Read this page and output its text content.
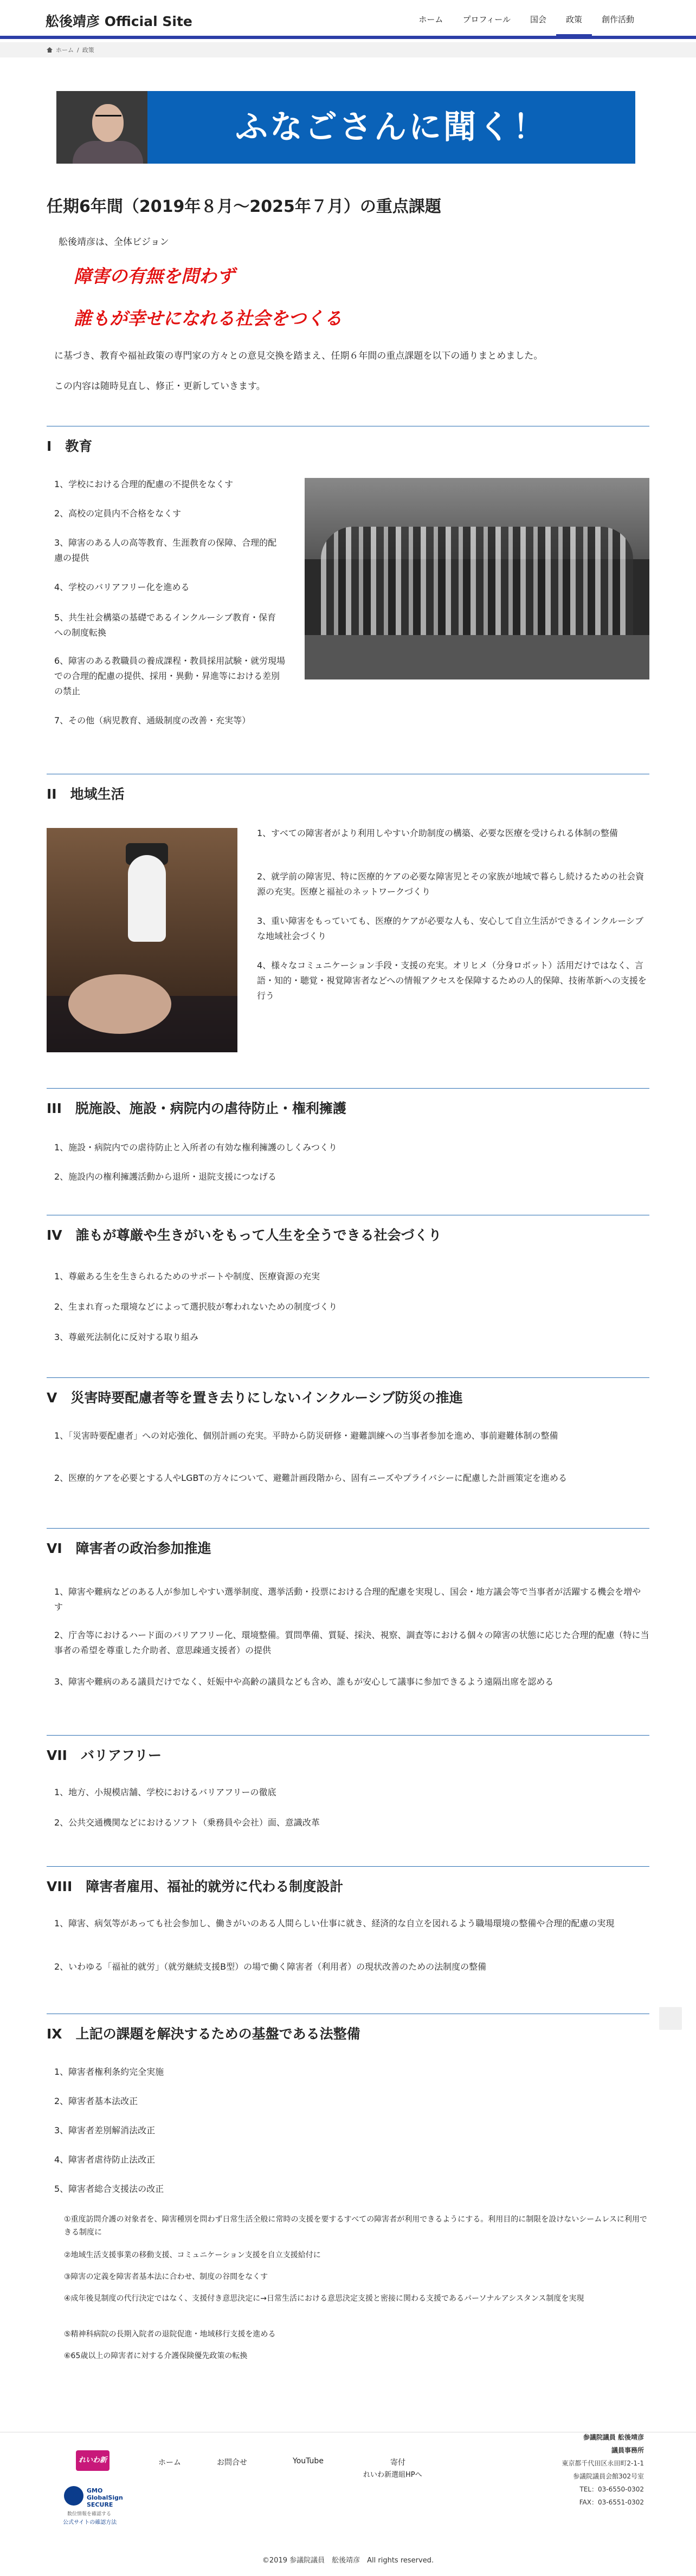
舩後靖彦 Official Site	ホーム	プロフィール	国会	政策	創作活動
ホーム / 政策
ふなごさんに聞く！
任期6年間（2019年８月〜2025年７月）の重点課題
舩後靖彦は、全体ビジョン
障害の有無を問わず
誰もが幸せになれる社会をつくる
に基づき、教育や福祉政策の専門家の方々との意見交換を踏まえ、任期６年間の重点課題を以下の通りまとめました。
この内容は随時見直し、修正・更新していきます。
I　教育
1、学校における合理的配慮の不提供をなくす
2、高校の定員内不合格をなくす
3、障害のある人の高等教育、生涯教育の保障、合理的配慮の提供
4、学校のバリアフリー化を進める
5、共生社会構築の基礎であるインクルーシブ教育・保育への制度転換
6、障害のある教職員の養成課程・教員採用試験・就労現場での合理的配慮の提供、採用・異動・昇進等における差別の禁止
7、その他（病児教育、通級制度の改善・充実等）
II　地域生活
1、すべての障害者がより利用しやすい介助制度の構築、必要な医療を受けられる体制の整備
2、就学前の障害児、特に医療的ケアの必要な障害児とその家族が地域で暮らし続けるための社会資源の充実。医療と福祉のネットワークづくり
3、重い障害をもっていても、医療的ケアが必要な人も、安心して自立生活ができるインクルーシブな地域社会づくり
4、様々なコミュニケーション手段・支援の充実。オリヒメ（分身ロボット）活用だけではなく、言語・知的・聴覚・視覚障害者などへの情報アクセスを保障するための人的保障、技術革新への支援を行う
III　脱施設、施設・病院内の虐待防止・権利擁護
1、施設・病院内での虐待防止と入所者の有効な権利擁護のしくみつくり
2、施設内の権利擁護活動から退所・退院支援につなげる
IV　誰もが尊厳や生きがいをもって人生を全うできる社会づくり
1、尊厳ある生を生きられるためのサポートや制度、医療資源の充実
2、生まれ育った環境などによって選択肢が奪われないための制度づくり
3、尊厳死法制化に反対する取り組み
V　災害時要配慮者等を置き去りにしないインクルーシブ防災の推進
1、「災害時要配慮者」への対応強化、個別計画の充実。平時から防災研修・避難訓練への当事者参加を進め、事前避難体制の整備
2、医療的ケアを必要とする人やLGBTの方々について、避難計画段階から、固有ニーズやプライバシーに配慮した計画策定を進める
VI　障害者の政治参加推進
1、障害や難病などのある人が参加しやすい選挙制度、選挙活動・投票における合理的配慮を実現し、国会・地方議会等で当事者が活躍する機会を増やす
2、庁舎等におけるハード面のバリアフリー化、環境整備。質問準備、質疑、採決、視察、調査等における個々の障害の状態に応じた合理的配慮（特に当事者の希望を尊重した介助者、意思疎通支援者）の提供
3、障害や難病のある議員だけでなく、妊娠中や高齢の議員なども含め、誰もが安心して議事に参加できるよう遠隔出席を認める
VII　バリアフリー
1、地方、小規模店舗、学校におけるバリアフリーの徹底
2、公共交通機関などにおけるソフト（乗務員や会社）面、意識改革
VIII　障害者雇用、福祉的就労に代わる制度設計
1、障害、病気等があっても社会参加し、働きがいのある人間らしい仕事に就き、経済的な自立を図れるよう職場環境の整備や合理的配慮の実現
2、いわゆる「福祉的就労」（就労継続支援B型）の場で働く障害者（利用者）の現状改善のための法制度の整備
IX　上記の課題を解決するための基盤である法整備
1、障害者権利条約完全実施
2、障害者基本法改正
3、障害者差別解消法改正
4、障害者虐待防止法改正
5、障害者総合支援法の改正
①重度訪問介護の対象者を、障害種別を問わず日常生活全般に常時の支援を要するすべての障害者が利用できるようにする。利用目的に制限を設けないシームレスに利用できる制度に
②地域生活支援事業の移動支援、コミュニケーション支援を自立支援給付に
③障害の定義を障害者基本法に合わせ、制度の谷間をなくす
④成年後見制度の代行決定ではなく、支援付き意思決定に→日常生活における意思決定支援と密接に関わる支援であるパーソナルアシスタンス制度を実現
⑤精神科病院の長期入院者の退院促進・地域移行支援を進める
⑥65歳以上の障害者に対する介護保険優先政策の転換
れいわ新選組
GMO GlobalSign SECURE
数位情報を確認する
公式サイトの確認方法
ホーム	お問合せ	YouTube	寄付
れいわ新選組HPへ
参議院議員 舩後靖彦
議員事務所
東京都千代田区永田町2-1-1
参議院議員会館302号室
TEL：03-6550-0302
FAX：03-6551-0302
©2019 参議院議員　舩後靖彦　All rights reserved.
